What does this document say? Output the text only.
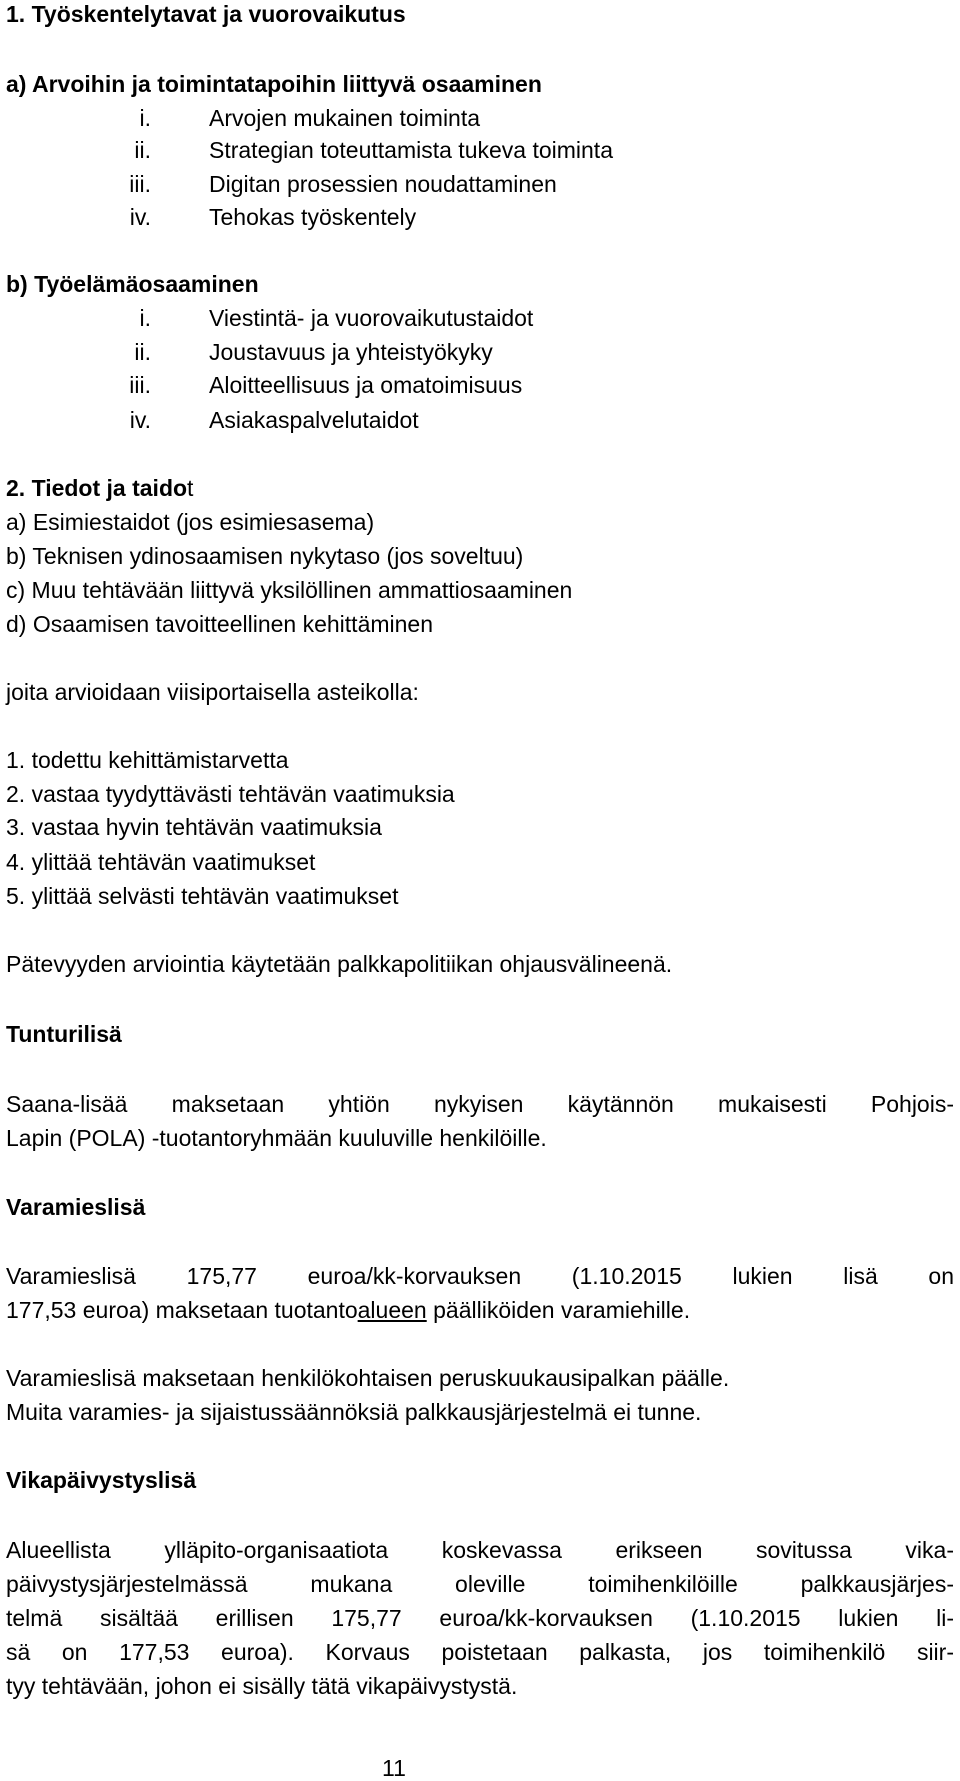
1. Työskentelytavat ja vuorovaikutus
a) Arvoihin ja toimintatapoihin liittyvä osaaminen
i.	Arvojen mukainen toiminta
ii.	Strategian toteuttamista tukeva toiminta
iii.	Digitan prosessien noudattaminen
iv.	Tehokas työskentely
b) Työelämäosaaminen
i.	Viestintä- ja vuorovaikutustaidot
ii.	Joustavuus ja yhteistyökyky
iii.	Aloitteellisuus ja omatoimisuus
iv.	Asiakaspalvelutaidot
2. Tiedot ja taidot
a) Esimiestaidot (jos esimiesasema)
b) Teknisen ydinosaamisen nykytaso (jos soveltuu)
c) Muu tehtävään liittyvä yksilöllinen ammattiosaaminen
d) Osaamisen tavoitteellinen kehittäminen
joita arvioidaan viisiportaisella asteikolla:
1. todettu kehittämistarvetta
2. vastaa tyydyttävästi tehtävän vaatimuksia
3. vastaa hyvin tehtävän vaatimuksia
4. ylittää tehtävän vaatimukset
5. ylittää selvästi tehtävän vaatimukset
Pätevyyden arviointia käytetään palkkapolitiikan ohjausvälineenä.
Tunturilisä
Saana-lisää maksetaan yhtiön nykyisen käytännön mukaisesti Pohjois-
Lapin (POLA) -tuotantoryhmään kuuluville henkilöille.
Varamieslisä
Varamieslisä 175,77 euroa/kk-korvauksen (1.10.2015 lukien lisä on
177,53 euroa) maksetaan tuotantoalueen päälliköiden varamiehille.
Varamieslisä maksetaan henkilökohtaisen peruskuukausipalkan päälle.
Muita varamies- ja sijaistussäännöksiä palkkausjärjestelmä ei tunne.
Vikapäivystyslisä
Alueellista ylläpito-organisaatiota koskevassa erikseen sovitussa vika-
päivystysjärjestelmässä mukana oleville toimihenkilöille palkkausjärjes-
telmä sisältää erillisen 175,77 euroa/kk-korvauksen (1.10.2015 lukien li-
sä on 177,53 euroa). Korvaus poistetaan palkasta, jos toimihenkilö siir-
tyy tehtävään, johon ei sisälly tätä vikapäivystystä.
11
